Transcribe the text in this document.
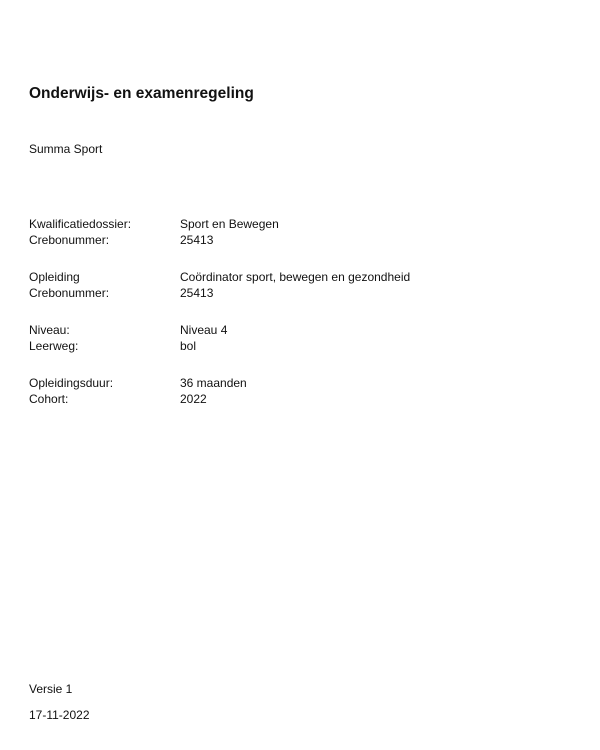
Onderwijs- en examenregeling
Summa Sport
Kwalificatiedossier:	Sport en Bewegen
Crebonummer:	25413
Opleiding	Coördinator sport, bewegen en gezondheid
Crebonummer:	25413
Niveau:	Niveau 4
Leerweg:	bol
Opleidingsduur:	36 maanden
Cohort:	2022
Versie 1
17-11-2022
